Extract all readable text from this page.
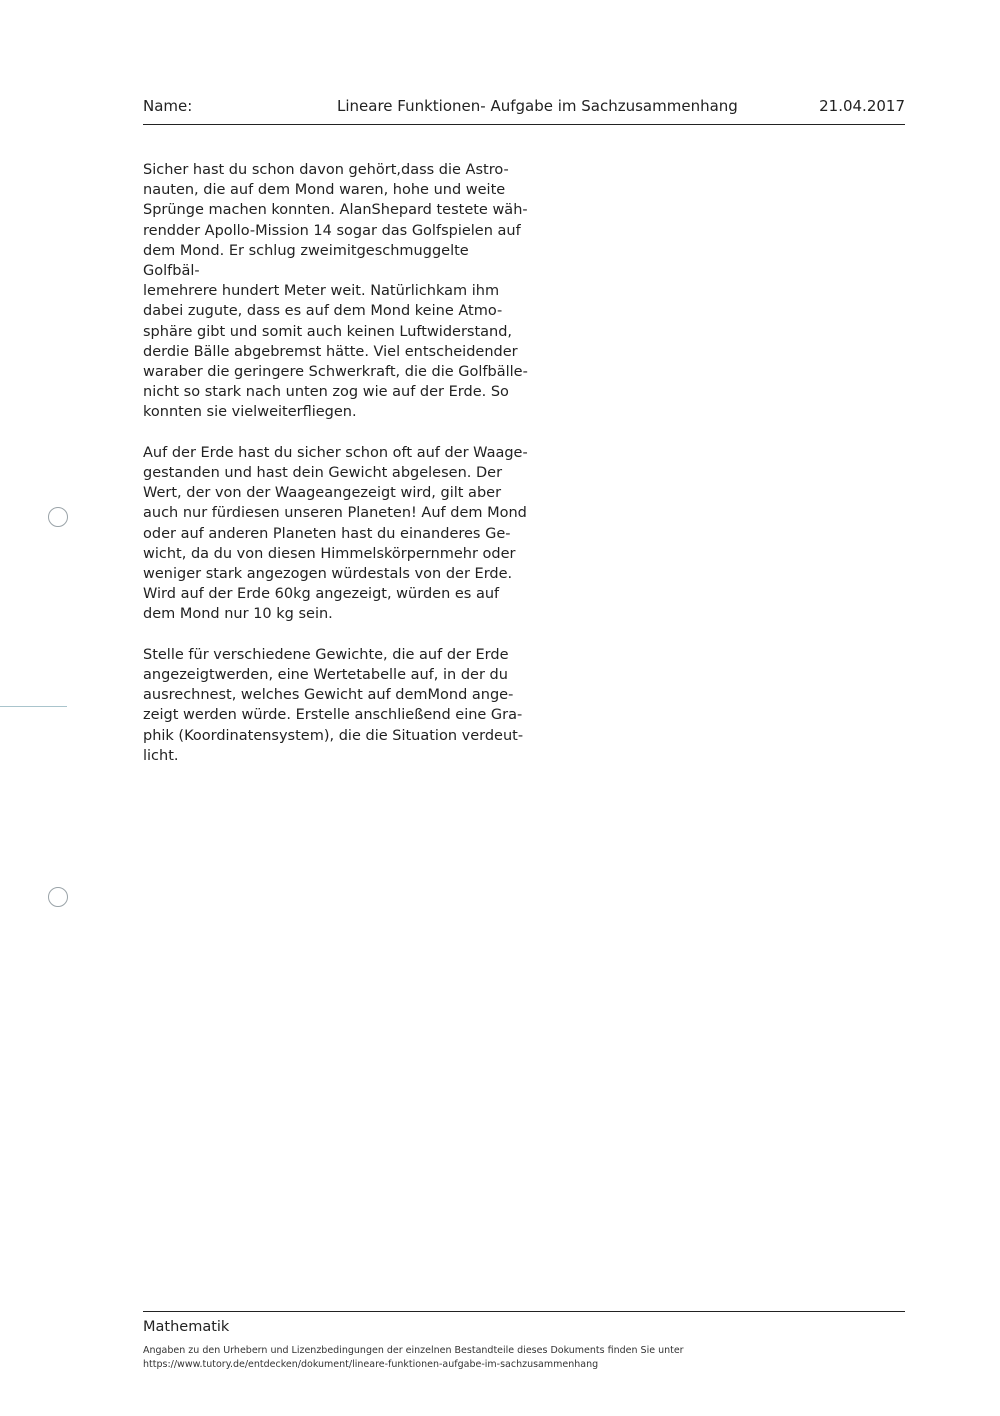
Name:	Lineare Funktionen- Aufgabe im Sachzusammenhang	21.04.2017

Sicher hast du schon davon gehört,dass die Astro-
nauten, die auf dem Mond waren, hohe und weite
Sprünge machen konnten. AlanShepard testete wäh-
rendder Apollo-Mission 14 sogar das Golfspielen auf
dem Mond. Er schlug zweimitgeschmuggelte Golfbäl-
lemehrere hundert Meter weit. Natürlichkam ihm
dabei zugute, dass es auf dem Mond keine Atmo-
sphäre gibt und somit auch keinen Luftwiderstand,
derdie Bälle abgebremst hätte. Viel entscheidender
waraber die geringere Schwerkraft, die die Golfbälle-
nicht so stark nach unten zog wie auf der Erde. So
konnten sie vielweiterfliegen.

Auf der Erde hast du sicher schon oft auf der Waage-
gestanden und hast dein Gewicht abgelesen. Der
Wert, der von der Waageangezeigt wird, gilt aber
auch nur fürdiesen unseren Planeten! Auf dem Mond
oder auf anderen Planeten hast du einanderes Ge-
wicht, da du von diesen Himmelskörpernmehr oder
weniger stark angezogen würdestals von der Erde.
Wird auf der Erde 60kg angezeigt, würden es auf
dem Mond nur 10 kg sein.

Stelle für verschiedene Gewichte, die auf der Erde
angezeigtwerden, eine Wertetabelle auf, in der du
ausrechnest, welches Gewicht auf demMond ange-
zeigt werden würde. Erstelle anschließend eine Gra-
phik (Koordinatensystem), die die Situation verdeut-
licht.

Mathematik
Angaben zu den Urhebern und Lizenzbedingungen der einzelnen Bestandteile dieses Dokuments finden Sie unter
https://www.tutory.de/entdecken/dokument/lineare-funktionen-aufgabe-im-sachzusammenhang
